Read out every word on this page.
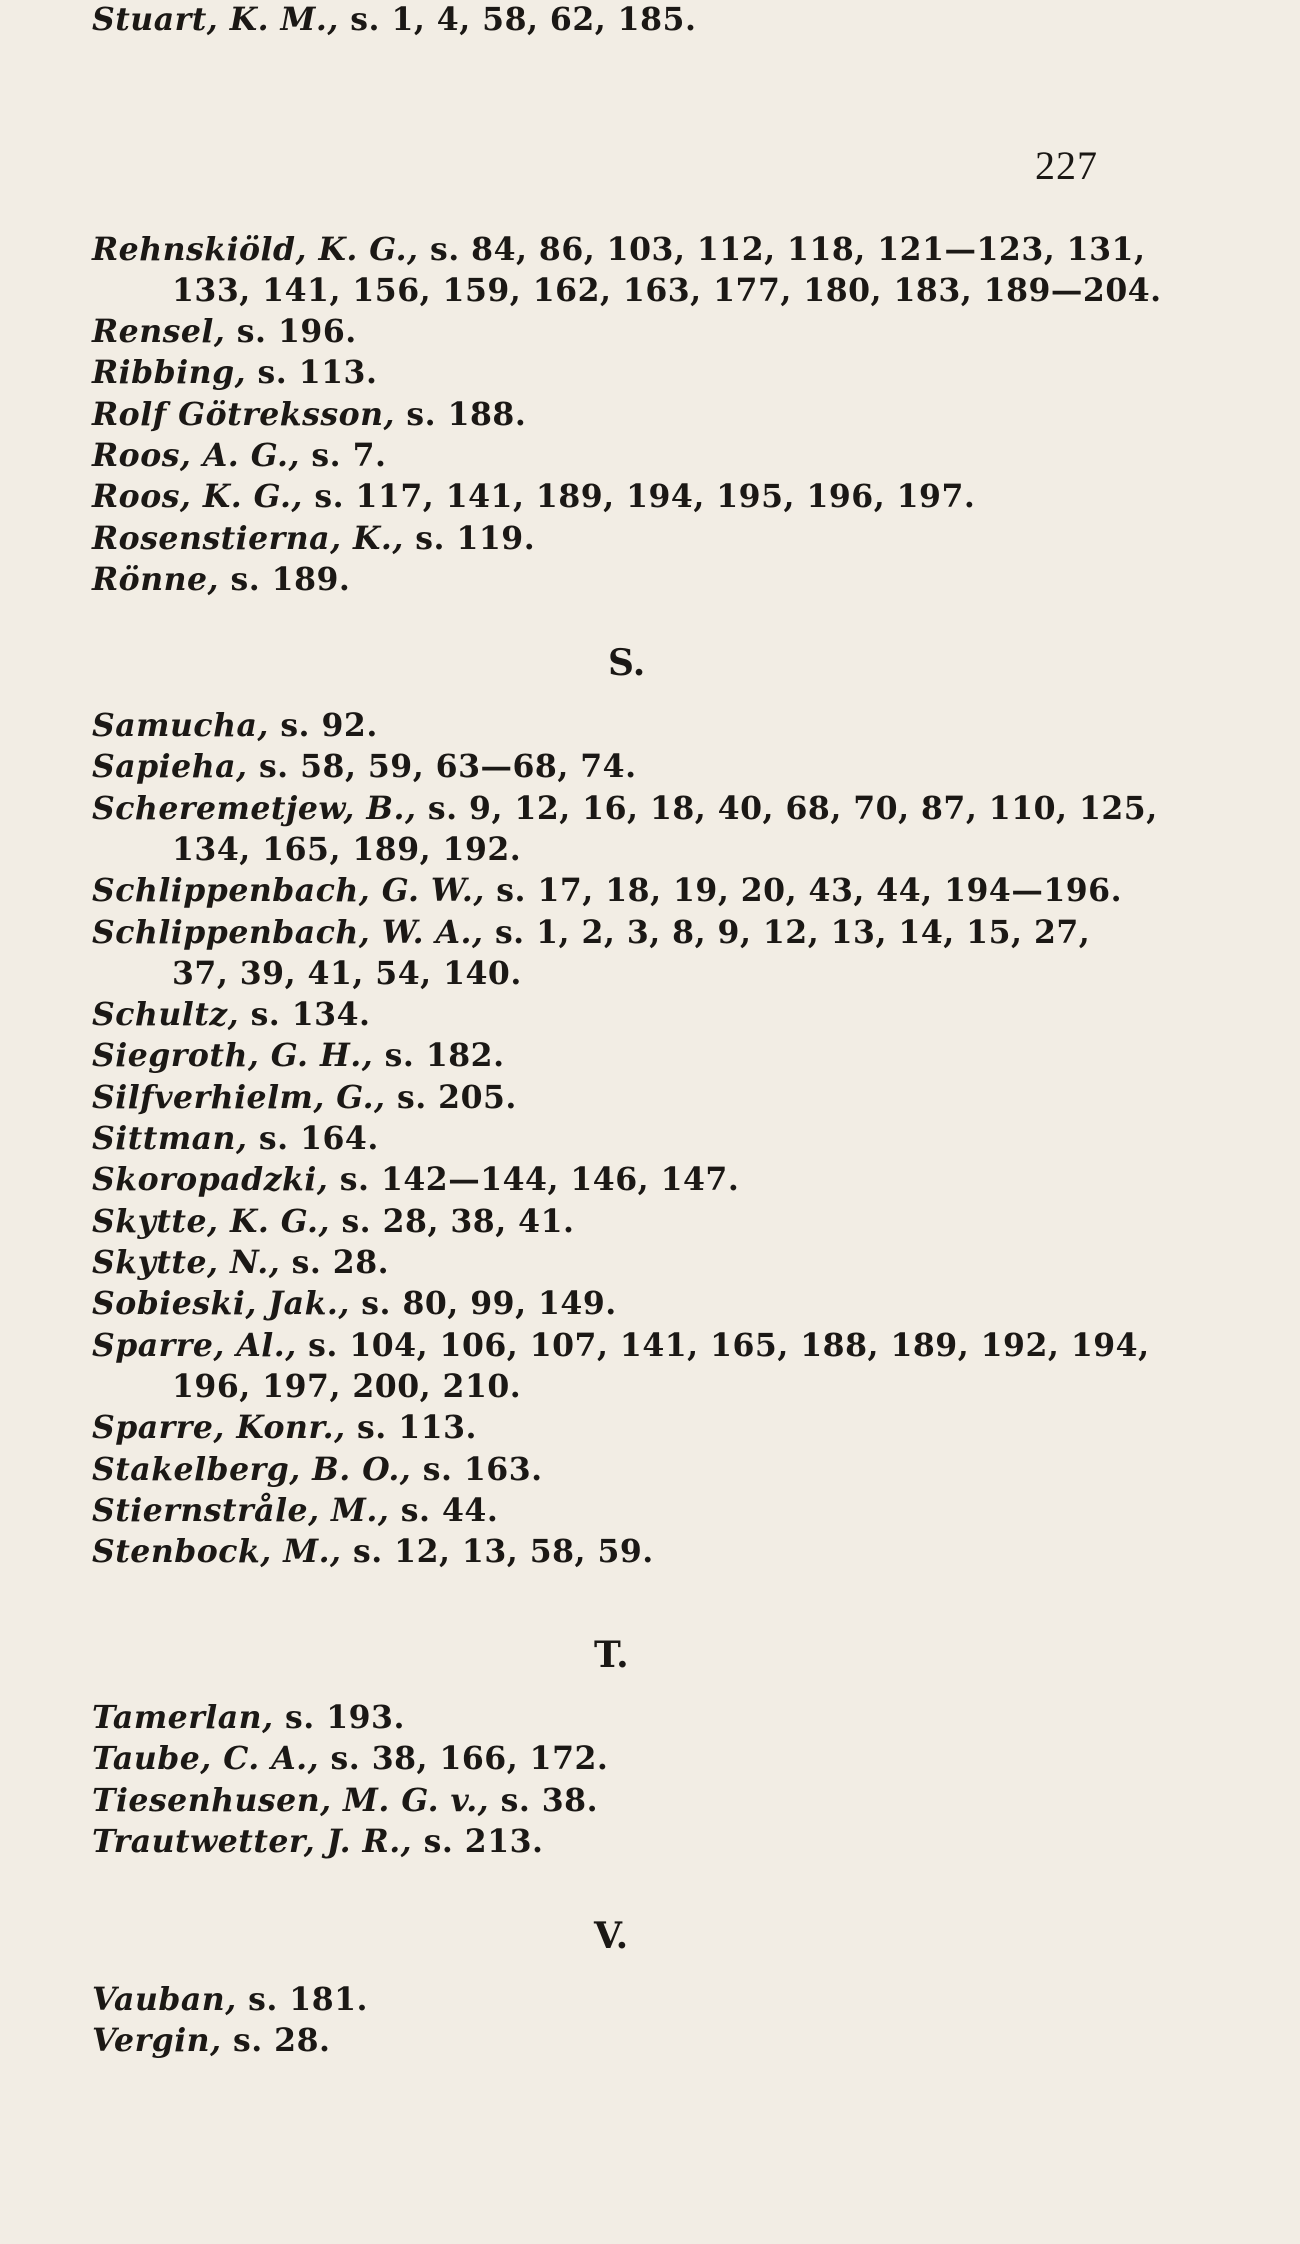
227
Rehnskiöld, K. G., s. 84, 86, 103, 112, 118, 121—123, 131,
133, 141, 156, 159, 162, 163, 177, 180, 183, 189—204.
Rensel, s. 196.
Ribbing, s. 113.
Rolf Götreksson, s. 188.
Roos, A. G., s. 7.
Roos, K. G., s. 117, 141, 189, 194, 195, 196, 197.
Rosenstierna, K., s. 119.
Rönne, s. 189.
S.
Samucha, s. 92.
Sapieha, s. 58, 59, 63—68, 74.
Scheremetjew, B., s. 9, 12, 16, 18, 40, 68, 70, 87, 110, 125,
134, 165, 189, 192.
Schlippenbach, G. W., s. 17, 18, 19, 20, 43, 44, 194—196.
Schlippenbach, W. A., s. 1, 2, 3, 8, 9, 12, 13, 14, 15, 27,
37, 39, 41, 54, 140.
Schultz, s. 134.
Siegroth, G. H., s. 182.
Silfverhielm, G., s. 205.
Sittman, s. 164.
Skoropadzki, s. 142—144, 146, 147.
Skytte, K. G., s. 28, 38, 41.
Skytte, N., s. 28.
Sobieski, Jak., s. 80, 99, 149.
Sparre, Al., s. 104, 106, 107, 141, 165, 188, 189, 192, 194,
196, 197, 200, 210.
Sparre, Konr., s. 113.
Stakelberg, B. O., s. 163.
Stiernstråle, M., s. 44.
Stenbock, M., s. 12, 13, 58, 59.
Stuart, K. M., s. 1, 4, 58, 62, 185.
T.
Tamerlan, s. 193.
Taube, C. A., s. 38, 166, 172.
Tiesenhusen, M. G. v., s. 38.
Trautwetter, J. R., s. 213.
V.
Vauban, s. 181.
Vergin, s. 28.
